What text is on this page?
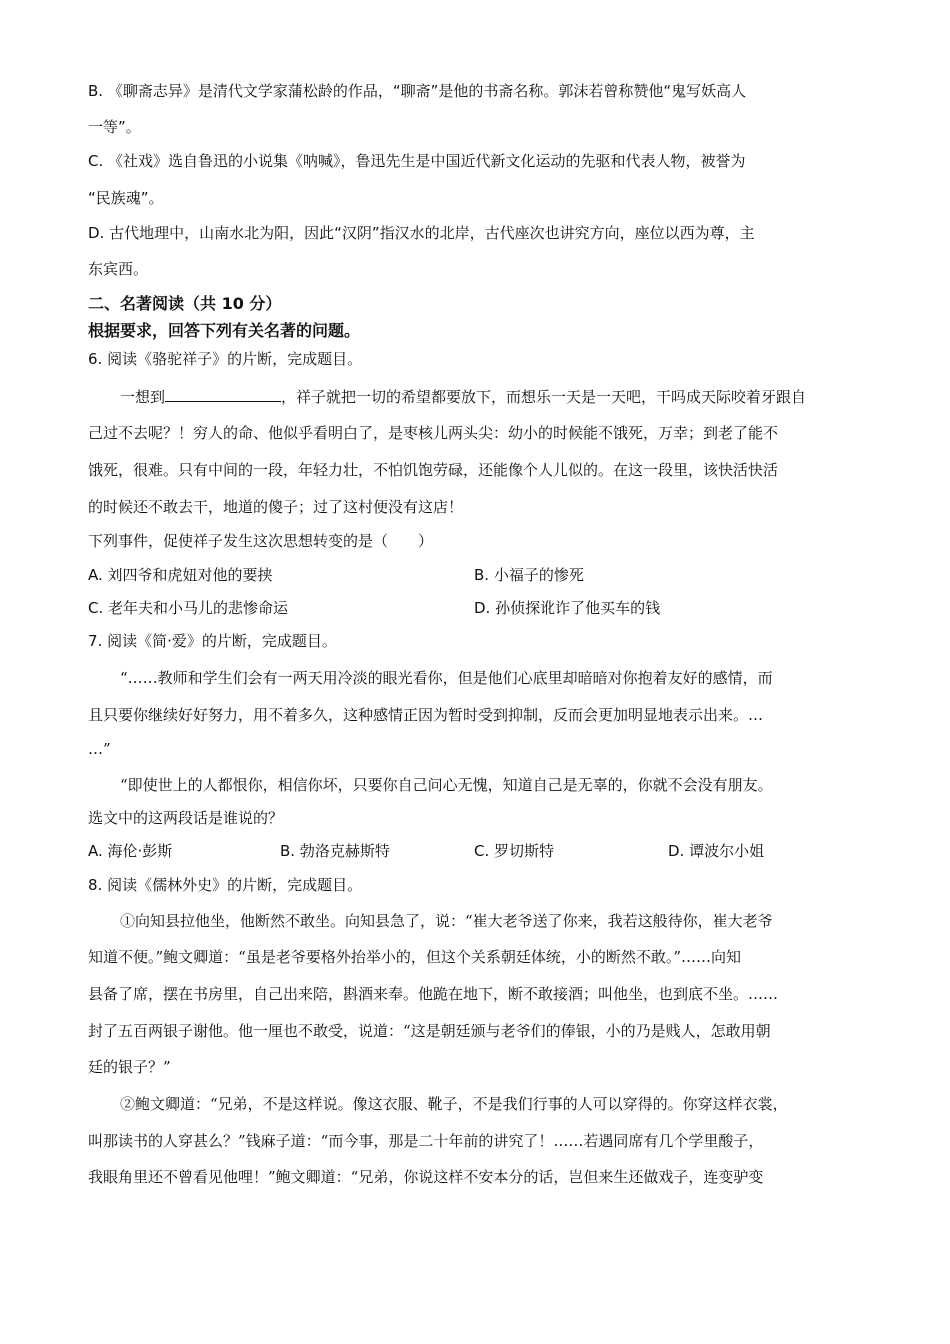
B. 《聊斋志异》是清代文学家蒲松龄的作品，“聊斋”是他的书斋名称。郭沫若曾称赞他“鬼写妖高人
一等”。
C. 《社戏》选自鲁迅的小说集《呐喊》，鲁迅先生是中国近代新文化运动的先驱和代表人物，被誉为
“民族魂”。
D. 古代地理中，山南水北为阳，因此“汉阴”指汉水的北岸，古代座次也讲究方向，座位以西为尊，主
东宾西。
二、名著阅读（共 10 分）
根据要求，回答下列有关名著的问题。
6. 阅读《骆驼祥子》的片断，完成题目。
一想到	，祥子就把一切的希望都要放下，而想乐一天是一天吧，干吗成天际咬着牙跟自
己过不去呢？！穷人的命、他似乎看明白了，是枣核儿两头尖：幼小的时候能不饿死，万幸；到老了能不
饿死，很难。只有中间的一段，年轻力壮，不怕饥饱劳碌，还能像个人儿似的。在这一段里，该快活快活
的时候还不敢去干，地道的傻子；过了这村便没有这店！
下列事件，促使祥子发生这次思想转变的是（　　）
A. 刘四爷和虎妞对他的要挟	B. 小福子的惨死
C. 老年夫和小马儿的悲惨命运	D. 孙侦探讹诈了他买车的钱
7. 阅读《简·爱》的片断，完成题目。
“……教师和学生们会有一两天用冷淡的眼光看你，但是他们心底里却暗暗对你抱着友好的感情，而
且只要你继续好好努力，用不着多久，这种感情正因为暂时受到抑制，反而会更加明显地表示出来。…
…”
“即使世上的人都恨你，相信你坏，只要你自己问心无愧，知道自己是无辜的，你就不会没有朋友。
选文中的这两段话是谁说的？
A. 海伦·彭斯	B. 勃洛克赫斯特	C. 罗切斯特	D. 谭波尔小姐
8. 阅读《儒林外史》的片断，完成题目。
①向知县拉他坐，他断然不敢坐。向知县急了，说：“崔大老爷送了你来，我若这般待你，崔大老爷
知道不便。”鲍文卿道：“虽是老爷要格外抬举小的，但这个关系朝廷体统，小的断然不敢。”……向知
县备了席，摆在书房里，自己出来陪，斟酒来奉。他跪在地下，断不敢接酒；叫他坐，也到底不坐。……
封了五百两银子谢他。他一厘也不敢受，说道：“这是朝廷颁与老爷们的俸银，小的乃是贱人，怎敢用朝
廷的银子？”
②鲍文卿道：“兄弟，不是这样说。像这衣服、靴子，不是我们行事的人可以穿得的。你穿这样衣裳，
叫那读书的人穿甚么？”钱麻子道：“而今事，那是二十年前的讲究了！……若遇同席有几个学里酸子，
我眼角里还不曾看见他哩！”鲍文卿道：“兄弟，你说这样不安本分的话，岂但来生还做戏子，连变驴变
